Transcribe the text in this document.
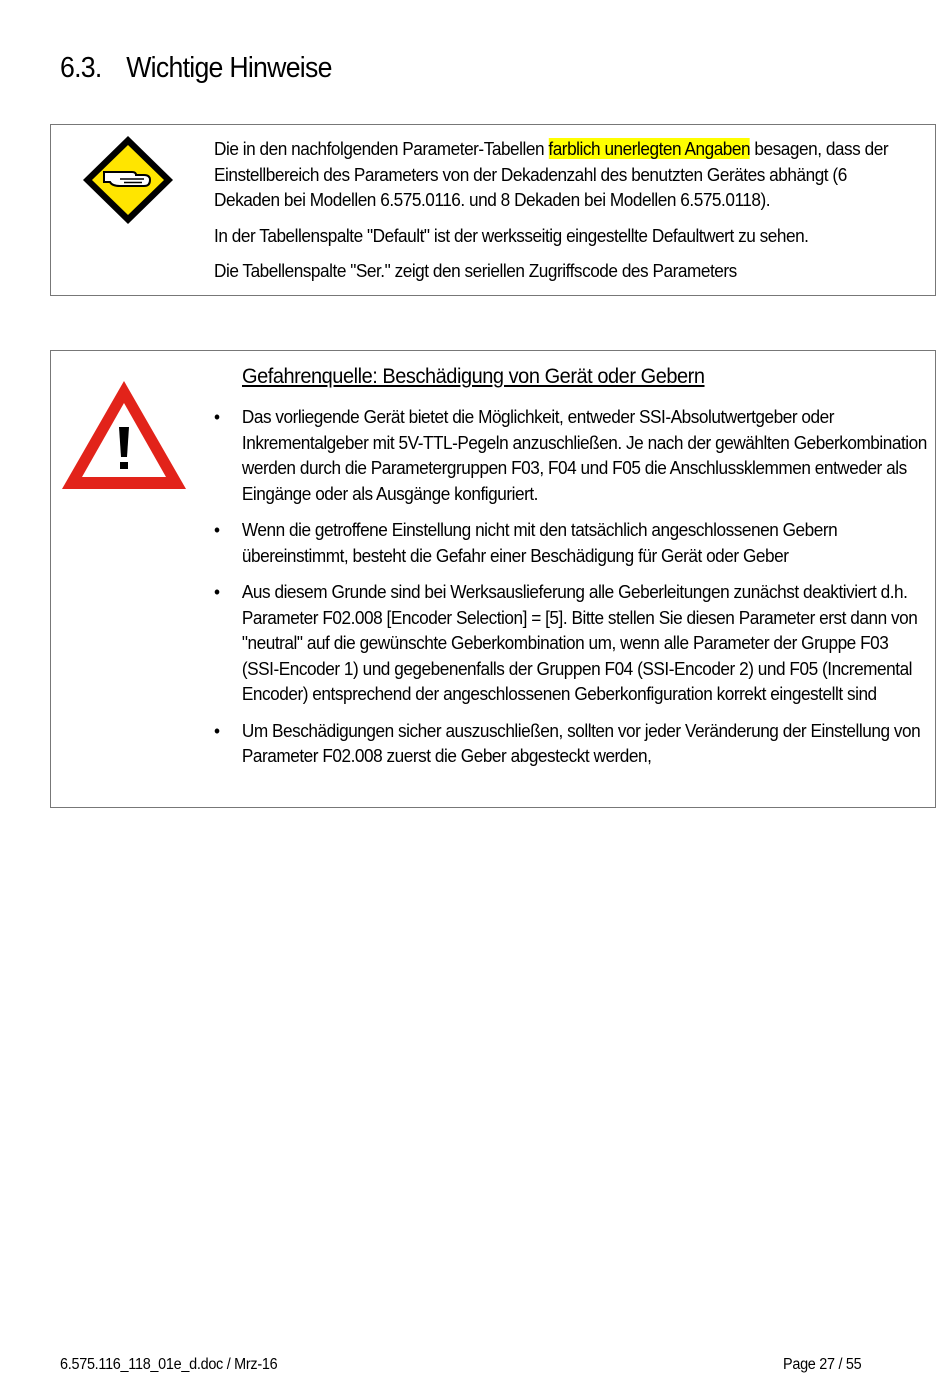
6.3. Wichtige Hinweise

Die in den nachfolgenden Parameter-Tabellen farblich unerlegten Angaben besagen, dass der Einstellbereich des Parameters von der Dekadenzahl des benutzten Gerätes abhängt (6 Dekaden bei Modellen 6.575.0116. und 8 Dekaden bei Modellen 6.575.0118).

In der Tabellenspalte "Default" ist der werksseitig eingestellte Defaultwert zu sehen.

Die Tabellenspalte "Ser." zeigt den seriellen Zugriffscode des Parameters

Gefahrenquelle: Beschädigung von Gerät oder Gebern
• Das vorliegende Gerät bietet die Möglichkeit, entweder SSI-Absolutwertgeber oder Inkrementalgeber mit 5V-TTL-Pegeln anzuschließen. Je nach der gewählten Geberkombination werden durch die Parametergruppen F03, F04 und F05 die Anschlussklemmen entweder als Eingänge oder als Ausgänge konfiguriert.
• Wenn die getroffene Einstellung nicht mit den tatsächlich angeschlossenen Gebern übereinstimmt, besteht die Gefahr einer Beschädigung für Gerät oder Geber
• Aus diesem Grunde sind bei Werksauslieferung alle Geberleitungen zunächst deaktiviert d.h. Parameter F02.008 [Encoder Selection] = [5]. Bitte stellen Sie diesen Parameter erst dann von "neutral" auf die gewünschte Geberkombination um, wenn alle Parameter der Gruppe F03 (SSI-Encoder 1) und gegebenenfalls der Gruppen F04 (SSI-Encoder 2) und F05 (Incremental Encoder) entsprechend der angeschlossenen Geberkonfiguration korrekt eingestellt sind
• Um Beschädigungen sicher auszuschließen, sollten vor jeder Veränderung der Einstellung von Parameter F02.008 zuerst die Geber abgesteckt werden,
6.575.116_118_01e_d.doc / Mrz-16	Page 27 / 55
